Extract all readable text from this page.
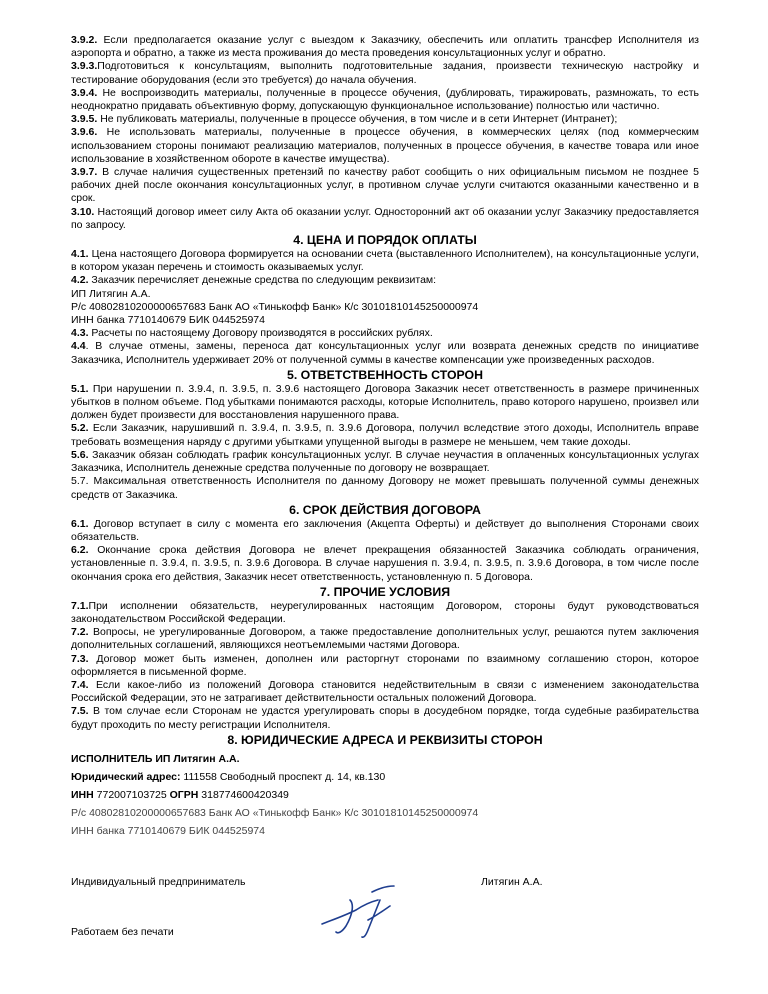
3.9.2. Если предполагается оказание услуг с выездом к Заказчику, обеспечить или оплатить трансфер Исполнителя из аэропорта и обратно, а также из места проживания до места проведения консультационных услуг и обратно.
3.9.3.Подготовиться к консультациям, выполнить подготовительные задания, произвести техническую настройку и тестирование оборудования (если это требуется) до начала обучения.
3.9.4. Не воспроизводить материалы, полученные в процессе обучения, (дублировать, тиражировать, размножать, то есть неоднократно придавать объективную форму, допускающую функциональное использование) полностью или частично.
3.9.5. Не публиковать материалы, полученные в процессе обучения, в том числе и в сети Интернет (Интранет);
3.9.6. Не использовать материалы, полученные в процессе обучения, в коммерческих целях (под коммерческим использованием стороны понимают реализацию материалов, полученных в процессе обучения, в качестве товара или иное использование в хозяйственном обороте в качестве имущества).
3.9.7. В случае наличия существенных претензий по качеству работ сообщить о них официальным письмом не позднее 5 рабочих дней после окончания консультационных услуг, в противном случае услуги считаются оказанными качественно и в срок.
3.10. Настоящий договор имеет силу Акта об оказании услуг. Односторонний акт об оказании услуг Заказчику предоставляется по запросу.
4. ЦЕНА И ПОРЯДОК ОПЛАТЫ
4.1. Цена настоящего Договора формируется на основании счета (выставленного Исполнителем), на консультационные услуги, в котором указан перечень и стоимость оказываемых услуг.
4.2. Заказчик перечисляет денежные средства по следующим реквизитам:
ИП Литягин А.А.
Р/с 40802810200000657683 Банк АО «Тинькофф Банк» К/с 30101810145250000974
ИНН банка 7710140679 БИК 044525974
4.3. Расчеты по настоящему Договору производятся в российских рублях.
4.4. В случае отмены, замены, переноса дат консультационных услуг или возврата денежных средств по инициативе Заказчика, Исполнитель удерживает 20% от полученной суммы в качестве компенсации уже произведенных расходов.
5. ОТВЕТСТВЕННОСТЬ СТОРОН
5.1. При нарушении п. 3.9.4, п. 3.9.5, п. 3.9.6 настоящего Договора Заказчик несет ответственность в размере причиненных убытков в полном объеме. Под убытками понимаются расходы, которые Исполнитель, право которого нарушено, произвел или должен будет произвести для восстановления нарушенного права.
5.2. Если Заказчик, нарушивший п. 3.9.4, п. 3.9.5, п. 3.9.6 Договора, получил вследствие этого доходы, Исполнитель вправе требовать возмещения наряду с другими убытками упущенной выгоды в размере не меньшем, чем такие доходы.
5.6. Заказчик обязан соблюдать график консультационных услуг. В случае неучастия в оплаченных консультационных услугах Заказчика, Исполнитель денежные средства полученные по договору не возвращает.
5.7. Максимальная ответственность Исполнителя по данному Договору не может превышать полученной суммы денежных средств от Заказчика.
6. СРОК ДЕЙСТВИЯ ДОГОВОРА
6.1. Договор вступает в силу с момента его заключения (Акцепта Оферты) и действует до выполнения Сторонами своих обязательств.
6.2. Окончание срока действия Договора не влечет прекращения обязанностей Заказчика соблюдать ограничения, установленные п. 3.9.4, п. 3.9.5, п. 3.9.6 Договора. В случае нарушения п. 3.9.4, п. 3.9.5, п. 3.9.6 Договора, в том числе после окончания срока его действия, Заказчик несет ответственность, установленную п. 5 Договора.
7. ПРОЧИЕ УСЛОВИЯ
7.1.При исполнении обязательств, неурегулированных настоящим Договором, стороны будут руководствоваться законодательством Российской Федерации.
7.2. Вопросы, не урегулированные Договором, а также предоставление дополнительных услуг, решаются путем заключения дополнительных соглашений, являющихся неотъемлемыми частями Договора.
7.3. Договор может быть изменен, дополнен или расторгнут сторонами по взаимному соглашению сторон, которое оформляется в письменной форме.
7.4. Если какое-либо из положений Договора становится недействительным в связи с изменением законодательства Российской Федерации, это не затрагивает действительности остальных положений Договора.
7.5. В том случае если Сторонам не удастся урегулировать споры в досудебном порядке, тогда судебные разбирательства будут проходить по месту регистрации Исполнителя.
8. ЮРИДИЧЕСКИЕ АДРЕСА И РЕКВИЗИТЫ СТОРОН
ИСПОЛНИТЕЛЬ ИП Литягин А.А.
Юридический адрес: 111558 Свободный проспект д. 14, кв.130
ИНН 772007103725 ОГРН 318774600420349
Р/с 40802810200000657683 Банк АО «Тинькофф Банк» К/с 30101810145250000974
ИНН банка 7710140679 БИК 044525974
Индивидуальный предприниматель	Литягин А.А.
Работаем без печати
